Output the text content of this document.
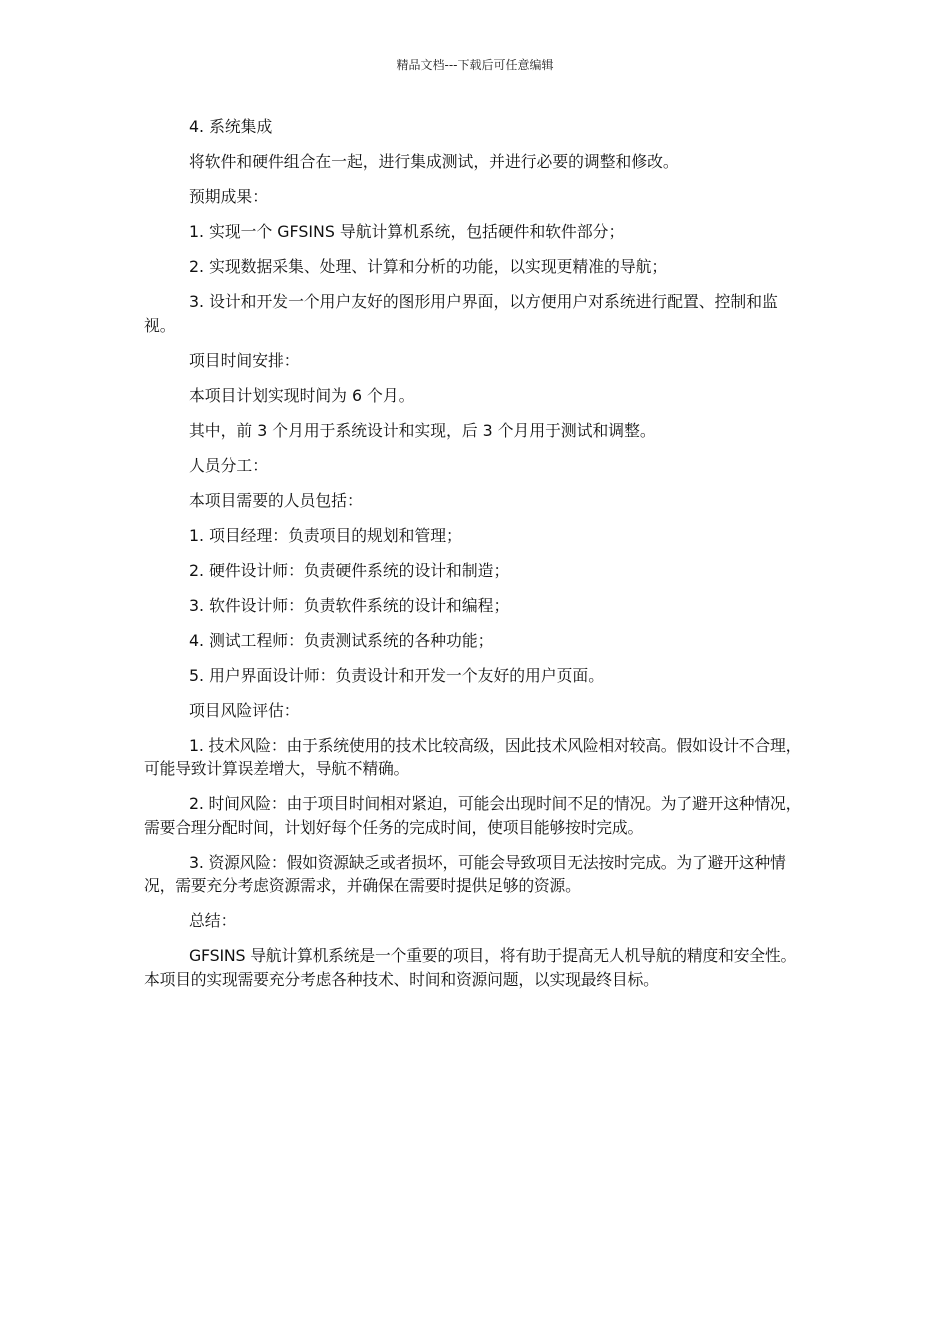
精品文档---下载后可任意编辑

4. 系统集成

将软件和硬件组合在一起，进行集成测试，并进行必要的调整和修改。

预期成果：

1. 实现一个 GFSINS 导航计算机系统，包括硬件和软件部分；

2. 实现数据采集、处理、计算和分析的功能，以实现更精准的导航；

3. 设计和开发一个用户友好的图形用户界面，以方便用户对系统进行配置、控制和监视。

项目时间安排：

本项目计划实现时间为 6 个月。

其中，前 3 个月用于系统设计和实现，后 3 个月用于测试和调整。

人员分工：

本项目需要的人员包括：

1. 项目经理：负责项目的规划和管理；

2. 硬件设计师：负责硬件系统的设计和制造；

3. 软件设计师：负责软件系统的设计和编程；

4. 测试工程师：负责测试系统的各种功能；

5. 用户界面设计师：负责设计和开发一个友好的用户页面。

项目风险评估：

1. 技术风险：由于系统使用的技术比较高级，因此技术风险相对较高。假如设计不合理，可能导致计算误差增大，导航不精确。

2. 时间风险：由于项目时间相对紧迫，可能会出现时间不足的情况。为了避开这种情况，需要合理分配时间，计划好每个任务的完成时间，使项目能够按时完成。

3. 资源风险：假如资源缺乏或者损坏，可能会导致项目无法按时完成。为了避开这种情况，需要充分考虑资源需求，并确保在需要时提供足够的资源。

总结：

GFSINS 导航计算机系统是一个重要的项目，将有助于提高无人机导航的精度和安全性。本项目的实现需要充分考虑各种技术、时间和资源问题，以实现最终目标。
